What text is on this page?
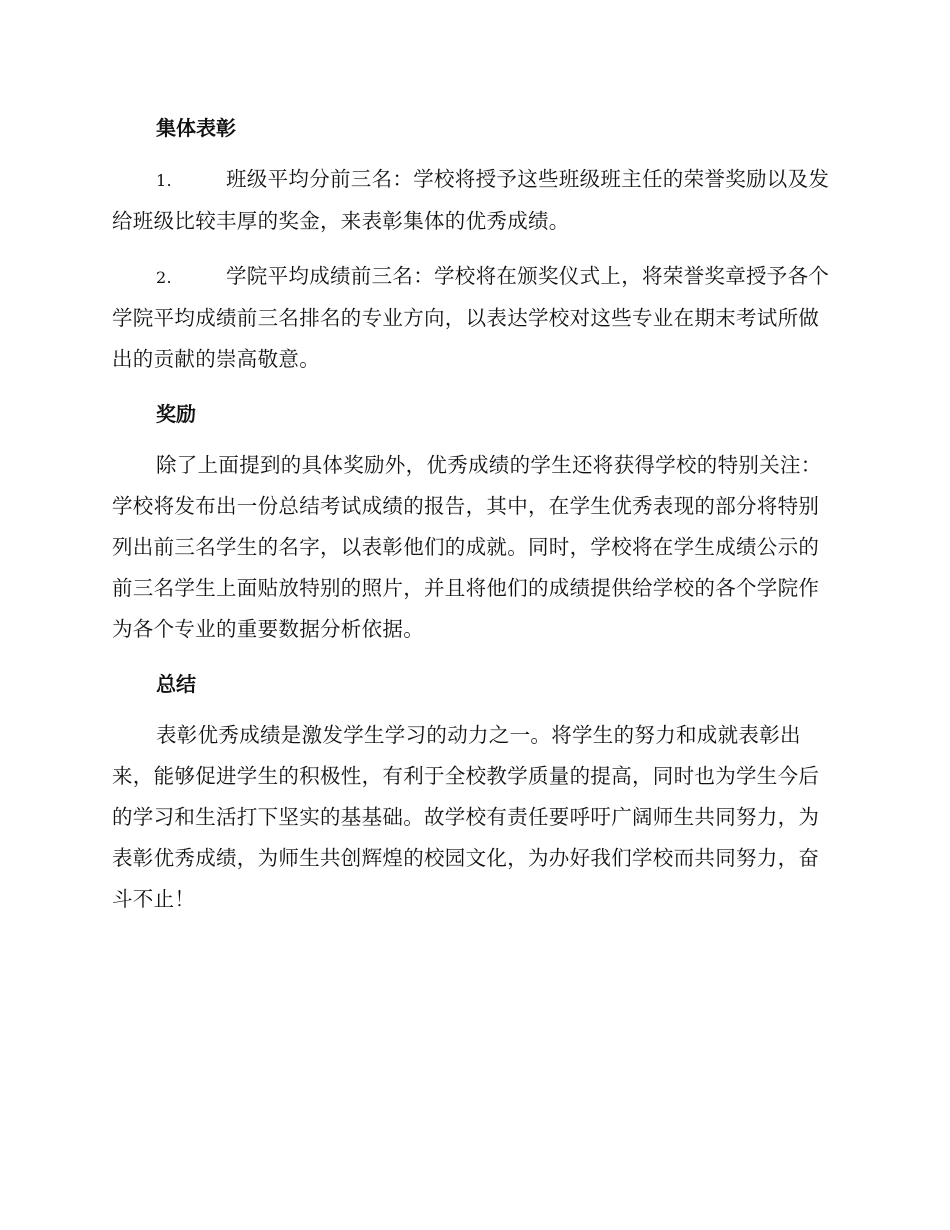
集体表彰

1.	班级平均分前三名：学校将授予这些班级班主任的荣誉奖励以及发给班级比较丰厚的奖金，来表彰集体的优秀成绩。

2.	学院平均成绩前三名：学校将在颁奖仪式上，将荣誉奖章授予各个学院平均成绩前三名排名的专业方向，以表达学校对这些专业在期末考试所做出的贡献的崇高敬意。

奖励

除了上面提到的具体奖励外，优秀成绩的学生还将获得学校的特别关注：学校将发布出一份总结考试成绩的报告，其中，在学生优秀表现的部分将特别列出前三名学生的名字，以表彰他们的成就。同时，学校将在学生成绩公示的前三名学生上面贴放特别的照片，并且将他们的成绩提供给学校的各个学院作为各个专业的重要数据分析依据。

总结

表彰优秀成绩是激发学生学习的动力之一。将学生的努力和成就表彰出来，能够促进学生的积极性，有利于全校教学质量的提高，同时也为学生今后的学习和生活打下坚实的基基础。故学校有责任要呼吁广阔师生共同努力，为表彰优秀成绩，为师生共创辉煌的校园文化，为办好我们学校而共同努力，奋斗不止！
